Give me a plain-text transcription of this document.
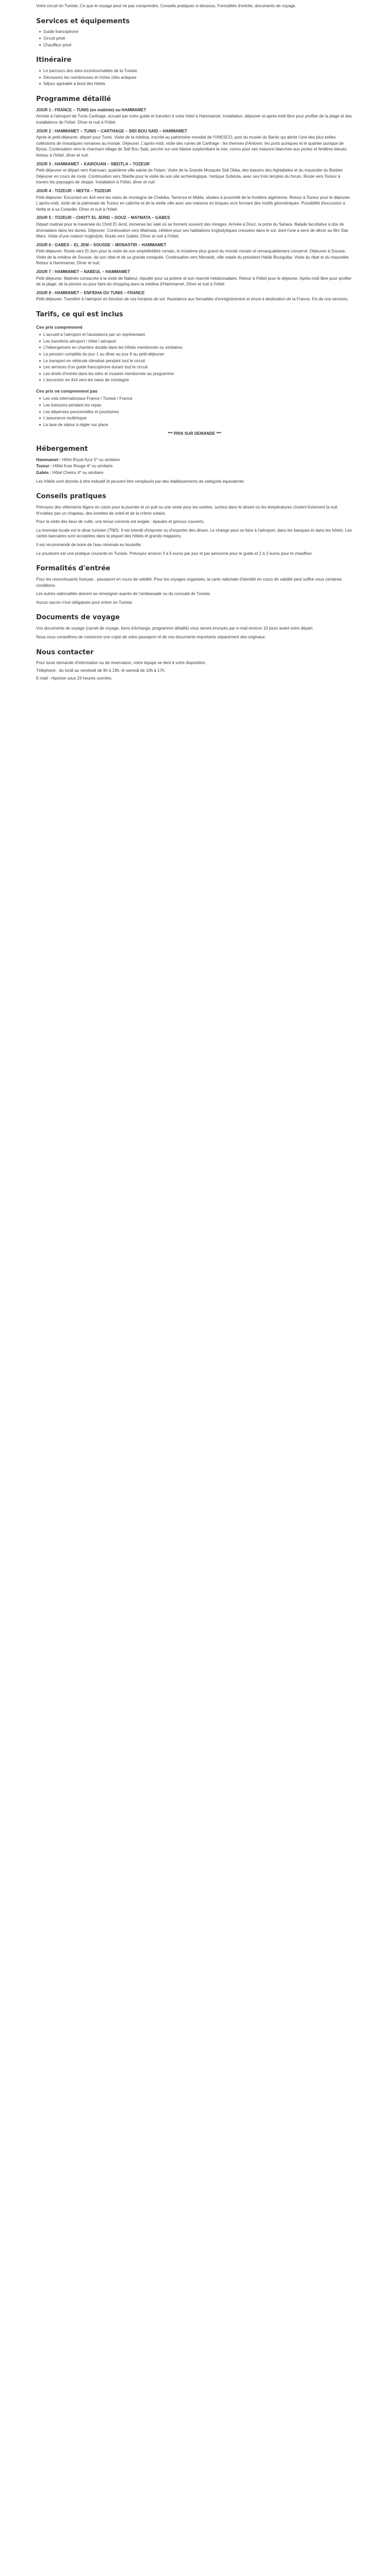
Votre circuit en Tunisie, Ce que le voyage peut ne pas comprendre, Conseils pratiques ci-dessous, Formalités d'entrée, documents de voyage.

Services et équipements
Guide francophone
Circuit privé
Chauffeur privé
Itinéraire
Le parcours des sites incontournables de la Tunisie
Découvrez les nombreuses et riches cités antiques
Séjour agréable à bord des hôtels
Programme détaillé
JOUR 1 : FRANCE – TUNIS (en matinée) ou HAMMAMET

Arrivée à l'aéroport de Tunis Carthage, accueil par notre guide et transfert à votre hôtel à Hammamet. Installation, déjeuner et après-midi libre pour profiter de la plage et des installations de l'hôtel. Dîner et nuit à l'hôtel.

JOUR 2 : HAMMAMET – TUNIS – CARTHAGE – SIDI BOU SAID – HAMMAMET

Après le petit-déjeuner, départ pour Tunis. Visite de la médina, inscrite au patrimoine mondial de l'UNESCO, puis du musée du Bardo qui abrite l'une des plus belles collections de mosaïques romaines au monde. Déjeuner. L'après-midi, visite des ruines de Carthage : les thermes d'Antonin, les ports puniques et le quartier punique de Byrsa. Continuation vers le charmant village de Sidi Bou Said, perché sur une falaise surplombant la mer, connu pour ses maisons blanches aux portes et fenêtres bleues. Retour à l'hôtel, dîner et nuit.

JOUR 3 : HAMMAMET – KAIROUAN – SBEITLA – TOZEUR

Petit-déjeuner et départ vers Kairouan, quatrième ville sainte de l'Islam. Visite de la Grande Mosquée Sidi Okba, des bassins des Aghlabides et du mausolée du Barbier. Déjeuner en cours de route. Continuation vers Sbeitla pour la visite de son site archéologique, l'antique Sufetula, avec ses trois temples du forum. Route vers Tozeur à travers les paysages de steppe. Installation à l'hôtel, dîner et nuit.

JOUR 4 : TOZEUR – NEFTA – TOZEUR

Petit-déjeuner. Excursion en 4x4 vers les oasis de montagne de Chebika, Tamerza et Midès, situées à proximité de la frontière algérienne. Retour à Tozeur pour le déjeuner. L'après-midi, visite de la palmeraie de Tozeur en calèche et de la vieille ville avec ses maisons en briques ocre formant des motifs géométriques. Possibilité d'excursion à Nefta et à sa Corbeille. Dîner et nuit à l'hôtel.

JOUR 5 : TOZEUR – CHOTT EL JERID – DOUZ – MATMATA – GABES

Départ matinal pour la traversée du Chott El Jerid, immense lac salé où se forment souvent des mirages. Arrivée à Douz, la porte du Sahara. Balade facultative à dos de dromadaire dans les dunes. Déjeuner. Continuation vers Matmata, célèbre pour ses habitations troglodytiques creusées dans le sol, dont l'une a servi de décor au film Star Wars. Visite d'une maison troglodyte. Route vers Gabès. Dîner et nuit à l'hôtel.

JOUR 6 : GABES – EL JEM – SOUSSE – MONASTIR – HAMMAMET

Petit-déjeuner. Route vers El Jem pour la visite de son amphithéâtre romain, le troisième plus grand du monde romain et remarquablement conservé. Déjeuner à Sousse. Visite de la médina de Sousse, de son ribat et de sa grande mosquée. Continuation vers Monastir, ville natale du président Habib Bourguiba. Visite du ribat et du mausolée. Retour à Hammamet. Dîner et nuit.

JOUR 7 : HAMMAMET – NABEUL – HAMMAMET

Petit-déjeuner. Matinée consacrée à la visite de Nabeul, réputée pour sa poterie et son marché hebdomadaire. Retour à l'hôtel pour le déjeuner. Après-midi libre pour profiter de la plage, de la piscine ou pour faire du shopping dans la médina d'Hammamet. Dîner et nuit à l'hôtel.

JOUR 8 : HAMMAMET – ENFIDHA OU TUNIS – FRANCE

Petit-déjeuner. Transfert à l'aéroport en fonction de vos horaires de vol. Assistance aux formalités d'enregistrement et envol à destination de la France. Fin de nos services.

Tarifs, ce qui est inclus
Ces prix comprennent
L'accueil à l'aéroport et l'assistance par un représentant
Les transferts aéroport / hôtel / aéroport
L'hébergement en chambre double dans les hôtels mentionnés ou similaires
La pension complète du jour 1 au dîner au jour 8 au petit-déjeuner
Le transport en véhicule climatisé pendant tout le circuit
Les services d'un guide francophone durant tout le circuit
Les droits d'entrée dans les sites et musées mentionnés au programme
L'excursion en 4x4 vers les oasis de montagne
Ces prix ne comprennent pas
Les vols internationaux France / Tunisie / France
Les boissons pendant les repas
Les dépenses personnelles et pourboires
L'assurance multirisque
La taxe de séjour à régler sur place
*** PRIX SUR DEMANDE ***
Hébergement

Hammamet : Hôtel Royal Azur 5* ou similaire

Tozeur : Hôtel Ksar Rouge 4* ou similaire

Gabès : Hôtel Chems 4* ou similaire

Les hôtels sont donnés à titre indicatif et peuvent être remplacés par des établissements de catégorie équivalente.

Conseils pratiques

Prévoyez des vêtements légers en coton pour la journée et un pull ou une veste pour les soirées, surtout dans le désert où les températures chutent fortement la nuit. N'oubliez pas un chapeau, des lunettes de soleil et de la crème solaire.

Pour la visite des lieux de culte, une tenue correcte est exigée : épaules et genoux couverts.

La monnaie locale est le dinar tunisien (TND). Il est interdit d'importer ou d'exporter des dinars. Le change peut se faire à l'aéroport, dans les banques et dans les hôtels. Les cartes bancaires sont acceptées dans la plupart des hôtels et grands magasins.

Il est recommandé de boire de l'eau minérale en bouteille.

Le pourboire est une pratique courante en Tunisie. Prévoyez environ 3 à 5 euros par jour et par personne pour le guide et 2 à 3 euros pour le chauffeur.

Formalités d'entrée

Pour les ressortissants français : passeport en cours de validité. Pour les voyages organisés, la carte nationale d'identité en cours de validité peut suffire sous certaines conditions.

Les autres nationalités doivent se renseigner auprès de l'ambassade ou du consulat de Tunisie.

Aucun vaccin n'est obligatoire pour entrer en Tunisie.

Documents de voyage

Vos documents de voyage (carnet de voyage, bons d'échange, programme détaillé) vous seront envoyés par e-mail environ 10 jours avant votre départ.

Nous vous conseillons de conserver une copie de votre passeport et de vos documents importants séparément des originaux.

Nous contacter

Pour toute demande d'information ou de réservation, notre équipe se tient à votre disposition.

Téléphone : du lundi au vendredi de 9h à 19h, le samedi de 10h à 17h.

E-mail : réponse sous 24 heures ouvrées.
